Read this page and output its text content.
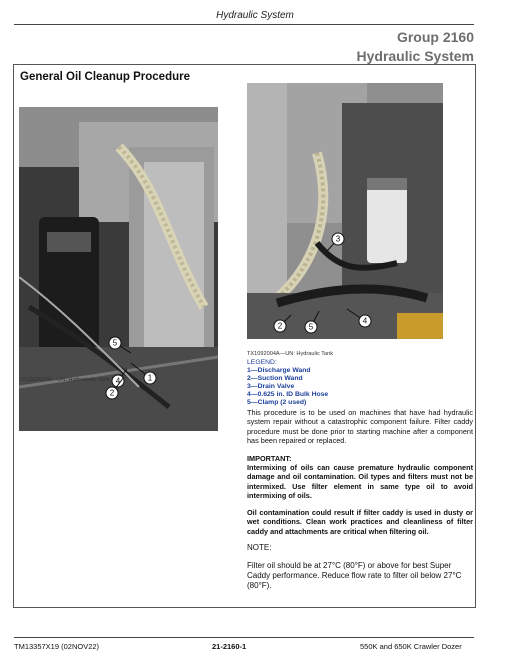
Hydraulic System
Group 2160
Hydraulic System
General Oil Cleanup Procedure
1
5
4
2
TX1092003A—UN: Hydrostatic Tank
3
4
5
2
TX1092004A—UN: Hydraulic Tank
LEGEND:
1—Discharge Wand
2—Suction Wand
3—Drain Valve
4—0.625 in. ID Bulk Hose
5—Clamp (2 used)
This procedure is to be used on machines that have had hydraulic system repair without a catastrophic component failure. Filter caddy procedure must be done prior to starting machine after a component has been repaired or replaced.
IMPORTANT:
Intermixing of oils can cause premature hydraulic component damage and oil contamination. Oil types and filters must not be intermixed. Use filter element in same type oil to avoid intermixing of oils.
Oil contamination could result if filter caddy is used in dusty or wet conditions. Clean work practices and cleanliness of filter caddy and attachments are critical when filtering oil.
NOTE:
Filter oil should be at 27°C (80°F) or above for best Super Caddy performance. Reduce flow rate to filter oil below 27°C (80°F).
TM13357X19 (02NOV22)	21-2160-1	550K and 650K Crawler Dozer
